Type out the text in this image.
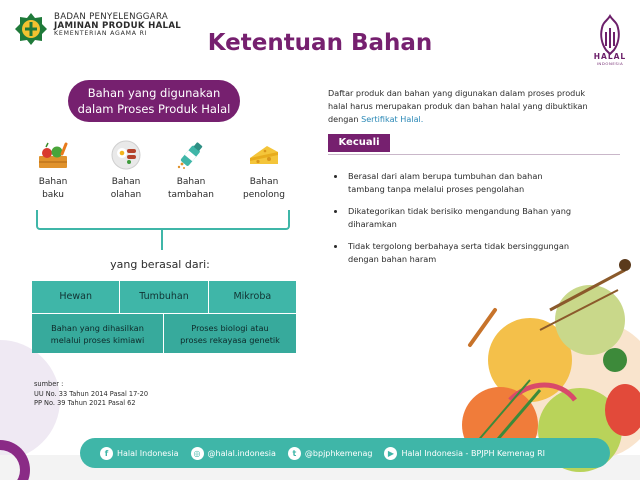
BADAN PENYELENGGARA
JAMINAN PRODUK HALAL
KEMENTERIAN AGAMA RI	Ketentuan Bahan
HALAL
INDONESIA
Bahan yang digunakan
dalam Proses Produk Halal
Bahan
baku
Bahan
olahan
Bahan
tambahan
Bahan
penolong
yang berasal dari:
Hewan	Tumbuhan	Mikroba
Bahan yang dihasilkan
melalui proses kimiawi
Proses biologi atau
proses rekayasa genetik
sumber :
UU No. 33 Tahun 2014 Pasal 17-20
PP No. 39 Tahun 2021 Pasal 62
Daftar produk dan bahan yang digunakan dalam proses produk
halal harus merupakan produk dan bahan halal yang dibuktikan
dengan Sertifikat Halal.
Kecuali
Berasal dari alam berupa tumbuhan dan bahan
tambang tanpa melalui proses pengolahan
Dikategorikan tidak berisiko mengandung Bahan yang
diharamkan
Tidak tergolong berbahaya serta tidak bersinggungan
dengan bahan haram
f	Halal Indonesia	◎ @halal.indonesia	t	@bpjphkemenag	▶ Halal Indonesia - BPJPH Kemenag RI
